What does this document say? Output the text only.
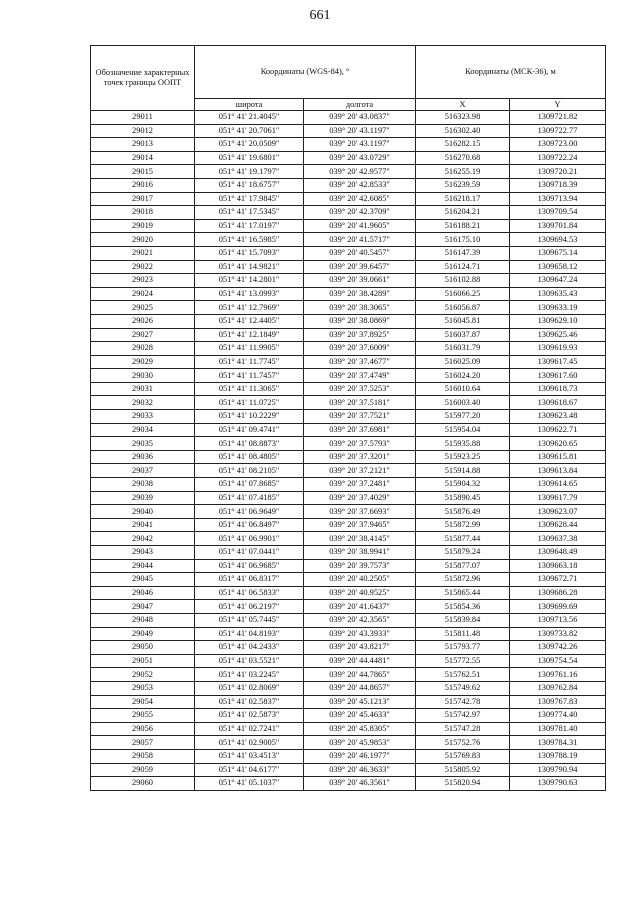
661
Обозначение характерных точек границы ООПТ	Координаты (WGS-84), °		Координаты (МСК-36), м	
	широта	долгота	X	Y
29011	051° 41' 21.4045"	039° 20' 43.0837"	516323.98	1309721.82
29012	051° 41' 20.7061"	039° 20' 43.1197"	516302.40	1309722.77
29013	051° 41' 20.0509"	039° 20' 43.1197"	516282.15	1309723.00
29014	051° 41' 19.6801"	039° 20' 43.0729"	516270.68	1309722.24
29015	051° 41' 19.1797"	039° 20' 42.9577"	516255.19	1309720.21
29016	051° 41' 18.6757"	039° 20' 42.8533"	516239.59	1309718.39
29017	051° 41' 17.9845"	039° 20' 42.6085"	516218.17	1309713.94
29018	051° 41' 17.5345"	039° 20' 42.3709"	516204.21	1309709.54
29019	051° 41' 17.0197"	039° 20' 41.9605"	516188.21	1309701.84
29020	051° 41' 16.5985"	039° 20' 41.5717"	516175.10	1309694.53
29021	051° 41' 15.7093"	039° 20' 40.5457"	516147.39	1309675.14
29022	051° 41' 14.9821"	039° 20' 39.6457"	516124.71	1309658.12
29023	051° 41' 14.2801"	039° 20' 39.0661"	516102.88	1309647.24
29024	051° 41' 13.0993"	039° 20' 38.4289"	516066.25	1309635.43
29025	051° 41' 12.7969"	039° 20' 38.3065"	516056.87	1309633.19
29026	051° 41' 12.4405"	039° 20' 38.0869"	516045.81	1309629.10
29027	051° 41' 12.1849"	039° 20' 37.8925"	516037.87	1309625.46
29028	051° 41' 11.9905"	039° 20' 37.6009"	516031.79	1309619.93
29029	051° 41' 11.7745"	039° 20' 37.4677"	516025.09	1309617.45
29030	051° 41' 11.7457"	039° 20' 37.4749"	516024.20	1309617.60
29031	051° 41' 11.3065"	039° 20' 37.5253"	516010.64	1309618.73
29032	051° 41' 11.0725"	039° 20' 37.5181"	516003.40	1309618.67
29033	051° 41' 10.2229"	039° 20' 37.7521"	515977.20	1309623.48
29034	051° 41' 09.4741"	039° 20' 37.6981"	515954.04	1309622.71
29035	051° 41' 08.8873"	039° 20' 37.5793"	515935.88	1309620.65
29036	051° 41' 08.4805"	039° 20' 37.3201"	515923.25	1309615.81
29037	051° 41' 08.2105"	039° 20' 37.2121"	515914.88	1309613.84
29038	051° 41' 07.8685"	039° 20' 37.2481"	515904.32	1309614.65
29039	051° 41' 07.4185"	039° 20' 37.4029"	515890.45	1309617.79
29040	051° 41' 06.9649"	039° 20' 37.6693"	515876.49	1309623.07
29041	051° 41' 06.8497"	039° 20' 37.9465"	515872.99	1309628.44
29042	051° 41' 06.9901"	039° 20' 38.4145"	515877.44	1309637.38
29043	051° 41' 07.0441"	039° 20' 38.9941"	515879.24	1309648.49
29044	051° 41' 06.9685"	039° 20' 39.7573"	515877.07	1309663.18
29045	051° 41' 06.8317"	039° 20' 40.2505"	515872.96	1309672.71
29046	051° 41' 06.5833"	039° 20' 40.9525"	515865.44	1309686.28
29047	051° 41' 06.2197"	039° 20' 41.6437"	515854.36	1309699.69
29048	051° 41' 05.7445"	039° 20' 42.3565"	515839.84	1309713.56
29049	051° 41' 04.8193"	039° 20' 43.3933"	515811.48	1309733.82
29050	051° 41' 04.2433"	039° 20' 43.8217"	515793.77	1309742.26
29051	051° 41' 03.5521"	039° 20' 44.4481"	515772.55	1309754.54
29052	051° 41' 03.2245"	039° 20' 44.7865"	515762.51	1309761.16
29053	051° 41' 02.8069"	039° 20' 44.8657"	515749.62	1309762.84
29054	051° 41' 02.5837"	039° 20' 45.1213"	515742.78	1309767.83
29055	051° 41' 02.5873"	039° 20' 45.4633"	515742.97	1309774.40
29056	051° 41' 02.7241"	039° 20' 45.8305"	515747.28	1309781.40
29057	051° 41' 02.9005"	039° 20' 45.9853"	515752.76	1309784.31
29058	051° 41' 03.4513"	039° 20' 46.1977"	515769.83	1309788.19
29059	051° 41' 04.6177"	039° 20' 46.3633"	515805.92	1309790.94
29060	051° 41' 05.1037"	039° 20' 46.3561"	515820.94	1309790.63
